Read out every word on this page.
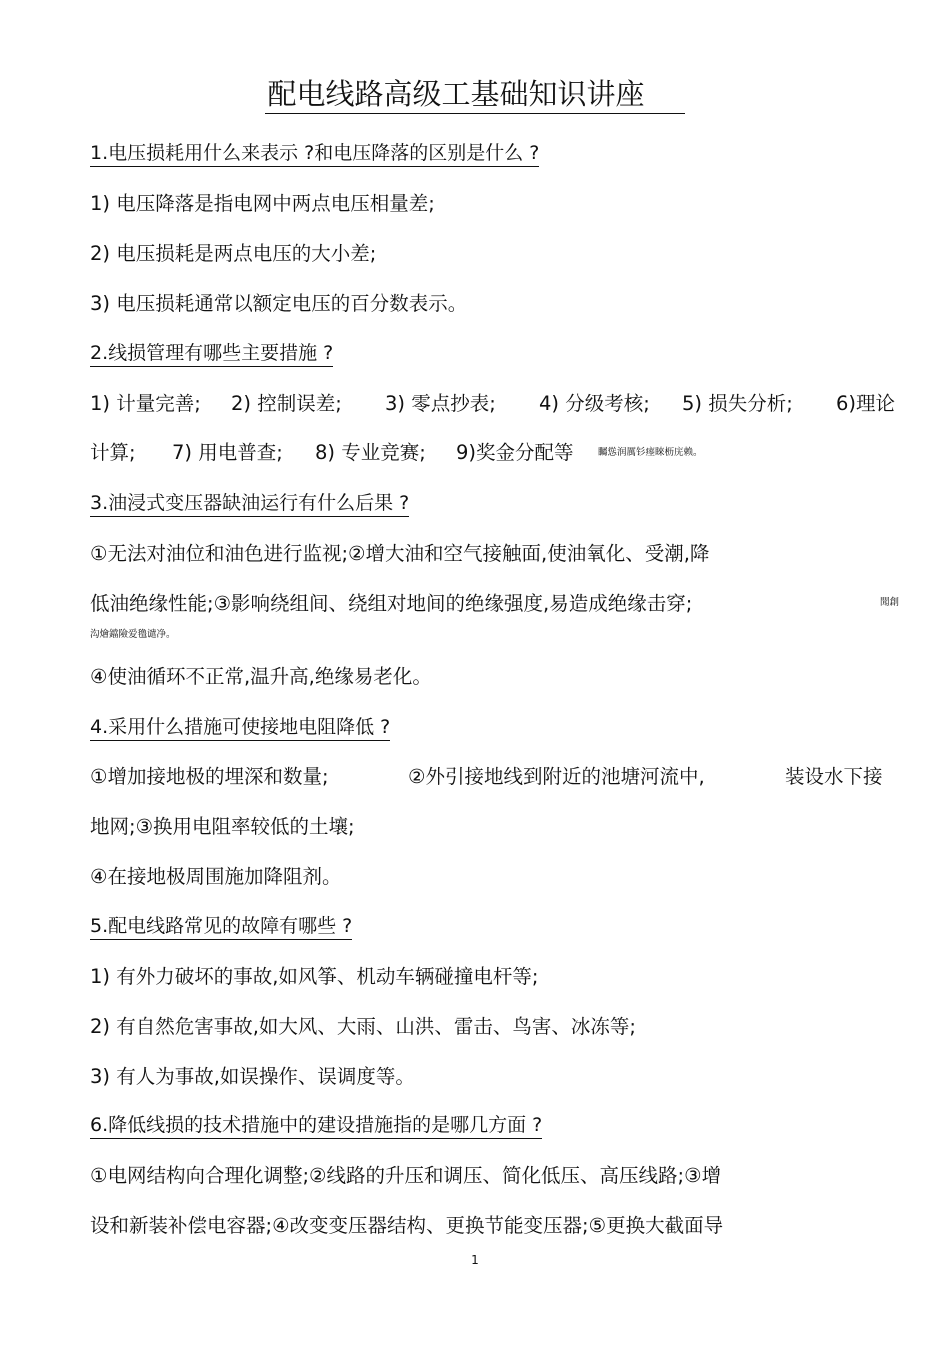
配电线路高级工基础知识讲座
1.电压损耗用什么来表示 ?和电压降落的区别是什么 ?
1) 电压降落是指电网中两点电压相量差;
2) 电压损耗是两点电压的大小差;
3) 电压损耗通常以额定电压的百分数表示。
2.线损管理有哪些主要措施 ?
1) 计量完善; 2) 控制误差; 3) 零点抄表; 4) 分级考核; 5) 损失分析; 6)理论
计算; 7) 用电普查; 8) 专业竞赛; 9)奖金分配等	矚慫润厲钐瘗睞枥庑赖。
3.油浸式变压器缺油运行有什么后果 ?
①无法对油位和油色进行监视;②增大油和空气接触面,使油氧化、受潮,降
低油绝缘性能;③影响绕组间、绕组对地间的绝缘强度,易造成绝缘击穿;	聞創
沟燴鐺險爱氇谴净。
④使油循环不正常,温升高,绝缘易老化。
4.采用什么措施可使接地电阻降低 ?
①增加接地极的埋深和数量;	②外引接地线到附近的池塘河流中,	装设水下接
地网;③换用电阻率较低的土壤;
④在接地极周围施加降阻剂。
5.配电线路常见的故障有哪些 ?
1) 有外力破坏的事故,如风筝、机动车辆碰撞电杆等;
2) 有自然危害事故,如大风、大雨、山洪、雷击、鸟害、冰冻等;
3) 有人为事故,如误操作、误调度等。
6.降低线损的技术措施中的建设措施指的是哪几方面 ?
①电网结构向合理化调整;②线路的升压和调压、简化低压、高压线路;③增
设和新装补偿电容器;④改变变压器结构、更换节能变压器;⑤更换大截面导
1
